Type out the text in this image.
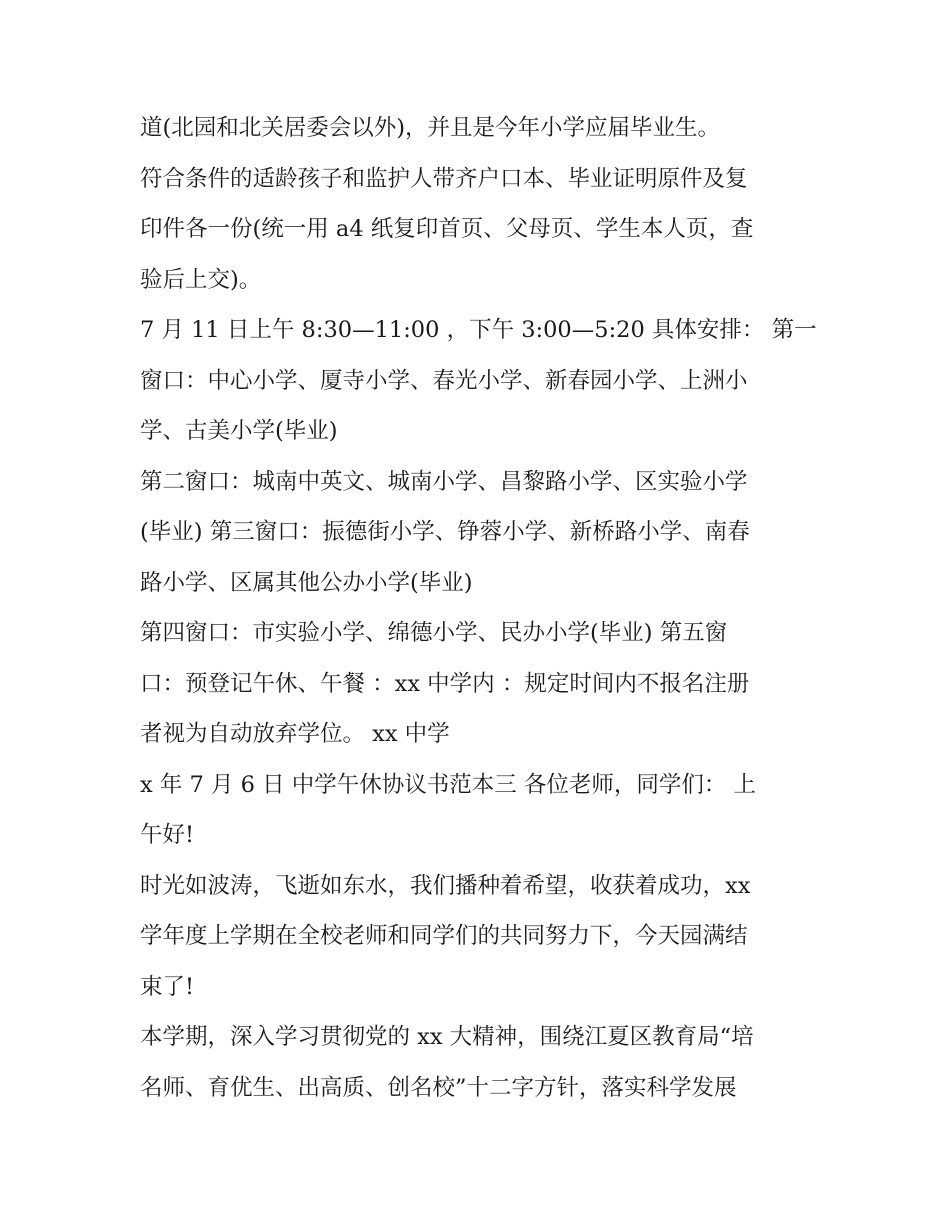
道(北园和北关居委会以外)，并且是今年小学应届毕业生。
符合条件的适龄孩子和监护人带齐户口本、毕业证明原件及复
印件各一份(统一用 a4 纸复印首页、父母页、学生本人页，查
验后上交)。
7 月 11 日上午 8:30—11:00 ，下午 3:00—5:20 具体安排： 第一
窗口：中心小学、厦寺小学、春光小学、新春园小学、上洲小
学、古美小学(毕业)
第二窗口：城南中英文、城南小学、昌黎路小学、区实验小学
(毕业) 第三窗口：振德街小学、铮蓉小学、新桥路小学、南春
路小学、区属其他公办小学(毕业)
第四窗口：市实验小学、绵德小学、民办小学(毕业) 第五窗
口：预登记午休、午餐 ：xx 中学内 ：规定时间内不报名注册
者视为自动放弃学位。 xx 中学
x 年 7 月 6 日 中学午休协议书范本三 各位老师，同学们： 上
午好!
时光如波涛，飞逝如东水，我们播种着希望，收获着成功，xx
学年度上学期在全校老师和同学们的共同努力下，今天园满结
束了!
本学期，深入学习贯彻党的 xx 大精神，围绕江夏区教育局“培
名师、育优生、出高质、创名校”十二字方针，落实科学发展
